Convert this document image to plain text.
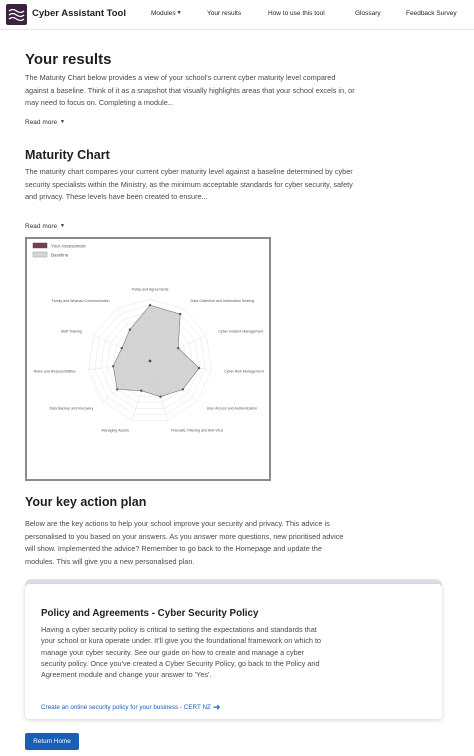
Cyber Assistant Tool	Modules▼	Your results	How to use this tool	Glossary	Feedback Survey
Your results
The Maturity Chart below provides a view of your school's current cyber maturity level compared against a baseline. Think of it as a snapshot that visually highlights areas that your school excels in, or may need to focus on. Completing a module...
Read more ▼
Maturity Chart
The maturity chart compares your current cyber maturity level against a baseline determined by cyber security specialists within the Ministry, as the minimum acceptable standards for cyber security, safety and privacy. These levels have been created to ensure...
Read more ▼
Your Assessment
Baseline
Policy and Agreements
Data Collection and Information Sharing
Cyber Incident Management
Cyber Risk Management
User Access and Authentication
Firewalls, Filtering and Anti-Virus
Managing Assets
Data Backup and Recovery
Roles and Responsibilities
Staff Training
Family and Whanau Communication
Your key action plan
Below are the key actions to help your school improve your security and privacy. This advice is personalised to you based on your answers. As you answer more questions, new prioritised advice will show. Implemented the advice? Remember to go back to the Homepage and update the modules. This will give you a new personalised plan.
Policy and Agreements - Cyber Security Policy
Having a cyber security policy is critical to setting the expectations and standards that your school or kura operate under. It'll give you the foundational framework on which to manage your cyber security. See our guide on how to create and manage a cyber security policy. Once you've created a Cyber Security Policy, go back to the Policy and Agreement module and change your answer to 'Yes'.
Create an online security policy for your business - CERT NZ ➜
Return Home
